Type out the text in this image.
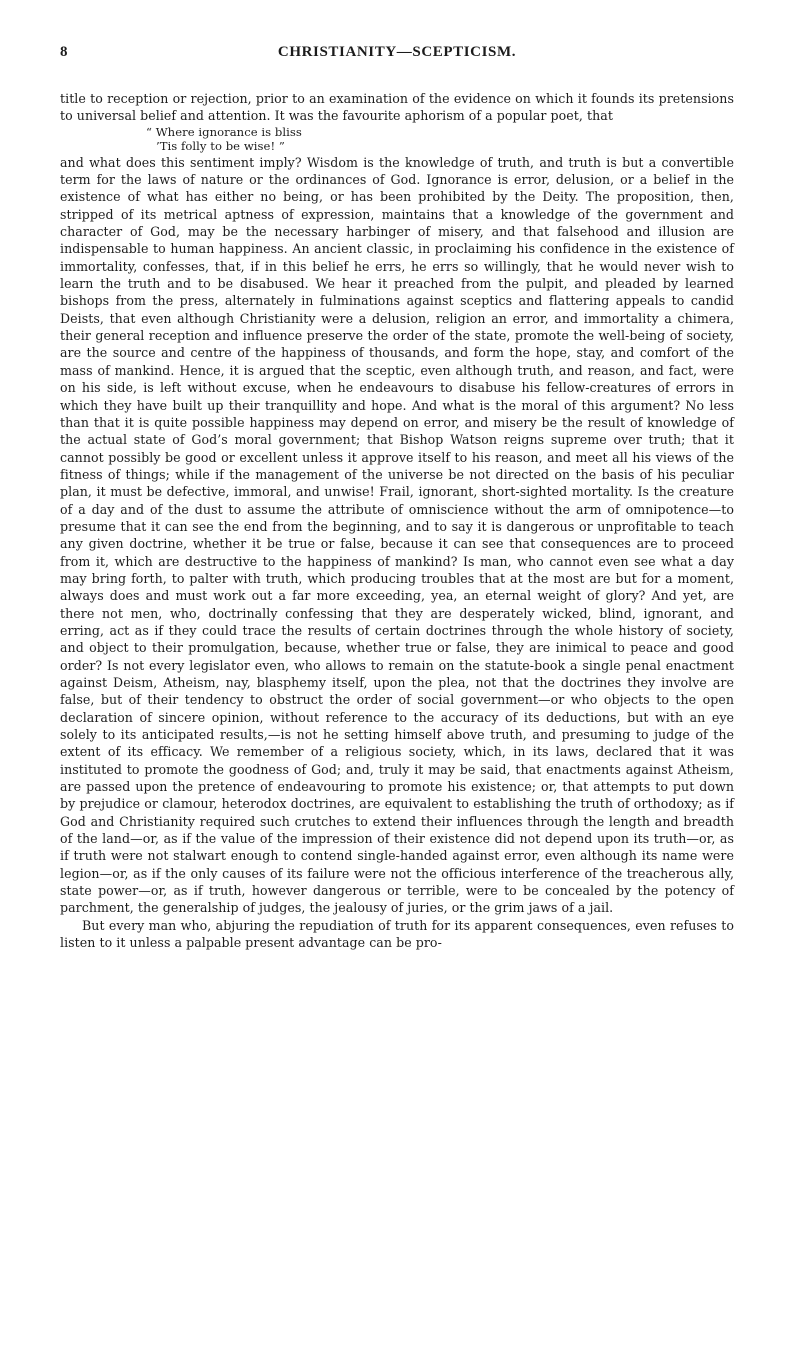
8	CHRISTIANITY—SCEPTICISM.

title to reception or rejection, prior to an examination of the evidence on which it founds its pretensions to universal belief and attention. It was the favourite aphorism of a popular poet, that

“ Where ignorance is bliss
’Tis folly to be wise! ”

and what does this sentiment imply? Wisdom is the knowledge of truth, and truth is but a convertible term for the laws of nature or the ordinances of God. Ignorance is error, delusion, or a belief in the existence of what has either no being, or has been prohibited by the Deity. The proposition, then, stripped of its metrical aptness of expression, maintains that a knowledge of the government and character of God, may be the necessary harbinger of misery, and that falsehood and illusion are indispensable to human happiness. An ancient classic, in proclaiming his confidence in the existence of immortality, confesses, that, if in this belief he errs, he errs so willingly, that he would never wish to learn the truth and to be disabused. We hear it preached from the pulpit, and pleaded by learned bishops from the press, alternately in fulminations against sceptics and flattering appeals to candid Deists, that even although Christianity were a delusion, religion an error, and immortality a chimera, their general reception and influence preserve the order of the state, promote the well-being of society, are the source and centre of the happiness of thousands, and form the hope, stay, and comfort of the mass of mankind. Hence, it is argued that the sceptic, even although truth, and reason, and fact, were on his side, is left without excuse, when he endeavours to disabuse his fellow-creatures of errors in which they have built up their tranquillity and hope. And what is the moral of this argument? No less than that it is quite possible happiness may depend on error, and misery be the result of knowledge of the actual state of God’s moral government; that Bishop Watson reigns supreme over truth; that it cannot possibly be good or excellent unless it approve itself to his reason, and meet all his views of the fitness of things; while if the management of the universe be not directed on the basis of his peculiar plan, it must be defective, immoral, and unwise! Frail, ignorant, short-sighted mortality. Is the creature of a day and of the dust to assume the attribute of omniscience without the arm of omnipotence—to presume that it can see the end from the beginning, and to say it is dangerous or unprofitable to teach any given doctrine, whether it be true or false, because it can see that consequences are to proceed from it, which are destructive to the happiness of mankind? Is man, who cannot even see what a day may bring forth, to palter with truth, which producing troubles that at the most are but for a moment, always does and must work out a far more exceeding, yea, an eternal weight of glory? And yet, are there not men, who, doctrinally confessing that they are desperately wicked, blind, ignorant, and erring, act as if they could trace the results of certain doctrines through the whole history of society, and object to their promulgation, because, whether true or false, they are inimical to peace and good order? Is not every legislator even, who allows to remain on the statute-book a single penal enactment against Deism, Atheism, nay, blasphemy itself, upon the plea, not that the doctrines they involve are false, but of their tendency to obstruct the order of social government—or who objects to the open declaration of sincere opinion, without reference to the accuracy of its deductions, but with an eye solely to its anticipated results,—is not he setting himself above truth, and presuming to judge of the extent of its efficacy. We remember of a religious society, which, in its laws, declared that it was instituted to promote the goodness of God; and, truly it may be said, that enactments against Atheism, are passed upon the pretence of endeavouring to promote his existence; or, that attempts to put down by prejudice or clamour, heterodox doctrines, are equivalent to establishing the truth of orthodoxy; as if God and Christianity required such crutches to extend their influences through the length and breadth of the land—or, as if the value of the impression of their existence did not depend upon its truth—or, as if truth were not stalwart enough to contend single-handed against error, even although its name were legion—or, as if the only causes of its failure were not the officious interference of the treacherous ally, state power—or, as if truth, however dangerous or terrible, were to be concealed by the potency of parchment, the generalship of judges, the jealousy of juries, or the grim jaws of a jail.

But every man who, abjuring the repudiation of truth for its apparent consequences, even refuses to listen to it unless a palpable present advantage can be pro-
